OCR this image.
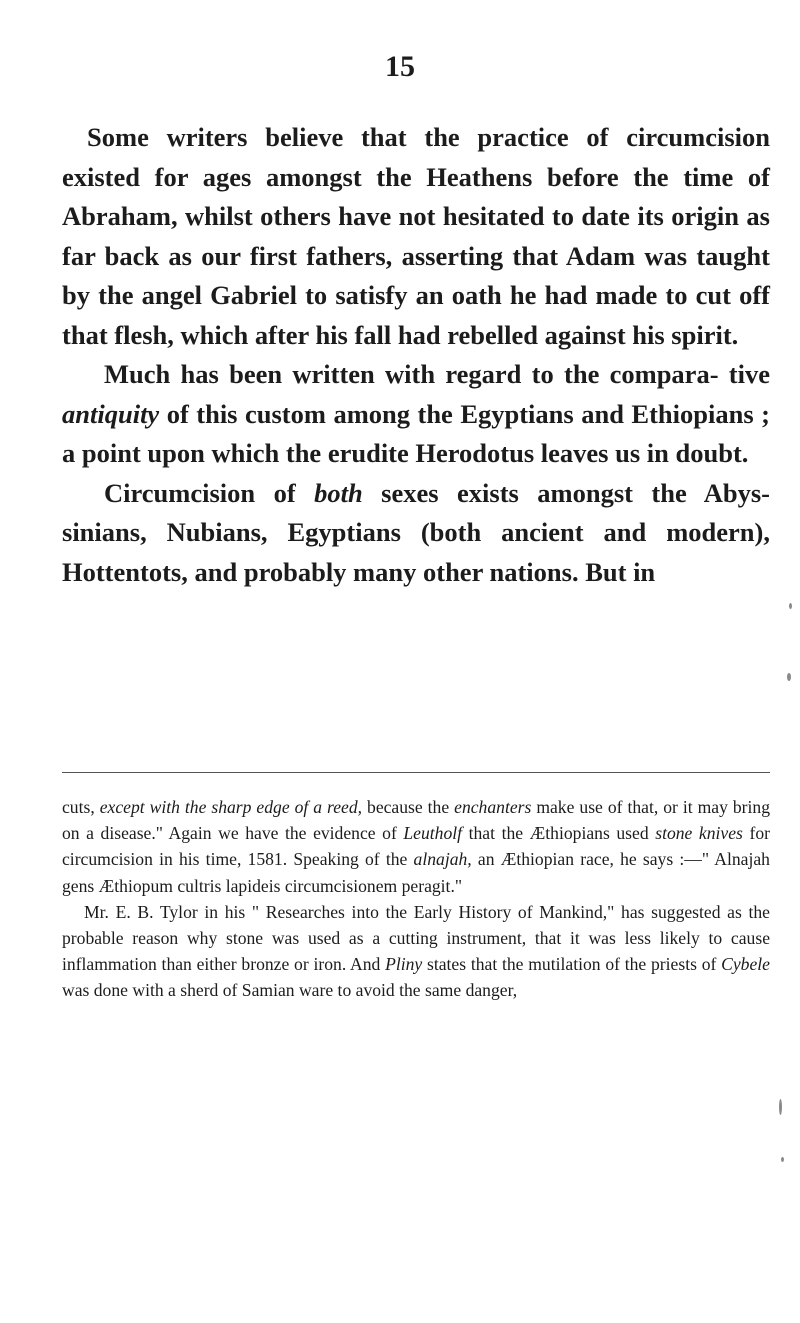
15

Some writers believe that the practice of circumcision existed for ages amongst the Heathens before the time of Abraham, whilst others have not hesitated to date its origin as far back as our first fathers, asserting that Adam was taught by the angel Gabriel to satisfy an oath he had made to cut off that flesh, which after his fall had rebelled against his spirit.

Much has been written with regard to the compara- tive antiquity of this custom among the Egyptians and Ethiopians ; a point upon which the erudite Herodotus leaves us in doubt.

Circumcision of both sexes exists amongst the Abys- sinians, Nubians, Egyptians (both ancient and modern), Hottentots, and probably many other nations. But in

cuts, except with the sharp edge of a reed, because the enchanters make use of that, or it may bring on a disease." Again we have the evidence of Leutholf that the Æthiopians used stone knives for circumcision in his time, 1581. Speaking of the alnajah, an Æthiopian race, he says :—" Alnajah gens Æthiopum cultris lapideis circumcisionem peragit."

Mr. E. B. Tylor in his " Researches into the Early History of Mankind," has suggested as the probable reason why stone was used as a cutting instrument, that it was less likely to cause inflammation than either bronze or iron. And Pliny states that the mutilation of the priests of Cybele was done with a sherd of Samian ware to avoid the same danger,
